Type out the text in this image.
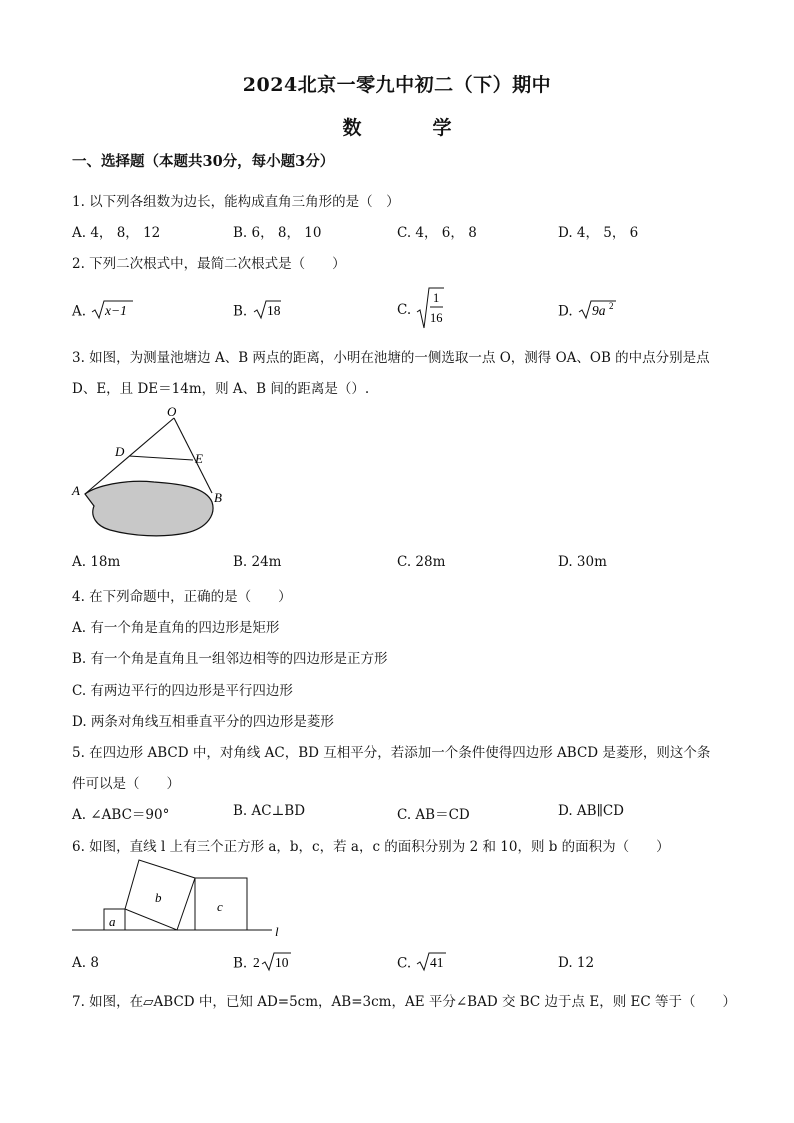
2024北京一零九中初二（下）期中
数　学
一、选择题（本题共30分，每小题3分）
1. 以下列各组数为边长，能构成直角三角形的是（　）
A. 4， 8， 12	B. 6， 8， 10	C. 4， 6， 8	D. 4， 5， 6
2. 下列二次根式中，最简二次根式是（　　）
A. x−1	B. 18	C.
1
16	D. 9a 2
3. 如图，为测量池塘边 A、B 两点的距离，小明在池塘的一侧选取一点 O，测得 OA、OB 的中点分别是点
D、E，且 DE＝14m，则 A、B 间的距离是（）.
O
D	E
A	B
A. 18m	B. 24m	C. 28m	D. 30m
4. 在下列命题中，正确的是（　　）
A. 有一个角是直角的四边形是矩形
B. 有一个角是直角且一组邻边相等的四边形是正方形
C. 有两边平行的四边形是平行四边形
D. 两条对角线互相垂直平分的四边形是菱形
5. 在四边形 ABCD 中，对角线 AC，BD 互相平分，若添加一个条件使得四边形 ABCD 是菱形，则这个条
件可以是（　　）
A. ∠ABC＝90°	B. AC⊥BD	C. AB＝CD	D. AB∥CD
6. 如图，直线 l 上有三个正方形 a，b，c，若 a，c 的面积分别为 2 和 10，则 b 的面积为（　　）
a
b
c
l
A. 8	B. 2 10	C. 41	D. 12
7. 如图，在▱ABCD 中，已知 AD=5cm，AB=3cm，AE 平分∠BAD 交 BC 边于点 E，则 EC 等于（　　）
